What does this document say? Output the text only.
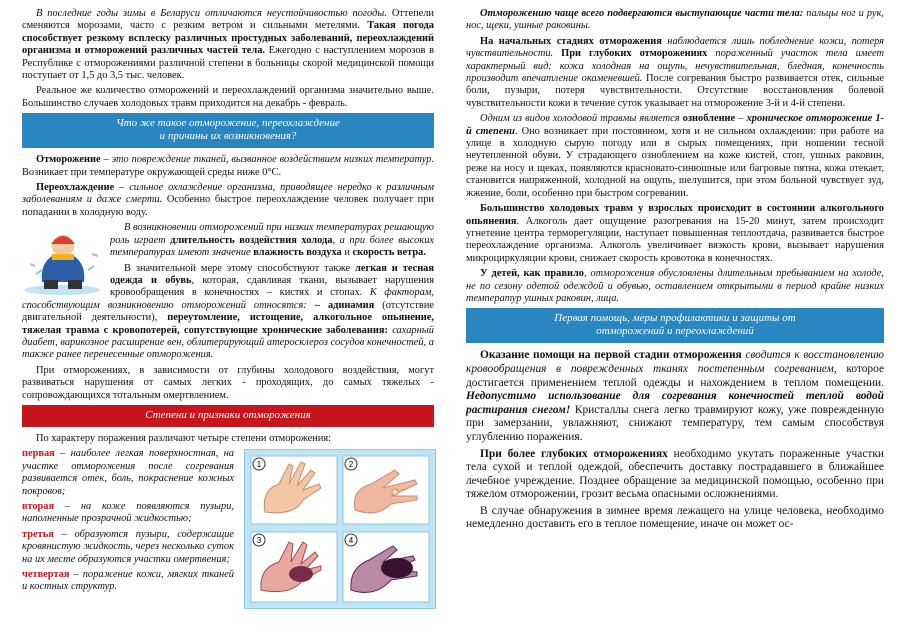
В последние годы зимы в Беларуси отличаются неустойчивостью погоды. Оттепели сменяются морозами, часто с резким ветром и сильными метелями. Такая погода способствует резкому всплеску различных простудных заболеваний, переохлаждений организма и отморожений различных частей тела. Ежегодно с наступлением морозов в Республике с отморожениями различной степени в больницы скорой медицинской помощи поступает от 1,5 до 3,5 тыс. человек.

Реальное же количество отморожений и переохлаждений организма значительно выше. Большинство случаев холодовых травм приходится на декабрь - февраль.

Что же такое отморожение, переохлаждение
и причины их возникновения?

Отморожение – это повреждение тканей, вызванное воздействием низких температур. Возникает при температуре окружающей среды ниже 0°С.

Переохлаждение – сильное охлаждение организма, приводящее нередко к различным заболеваниям и даже смерти. Особенно быстрое переохлаждение человек получает при попадании в холодную воду.

В возникновении отморожений при низких температурах решающую роль играет длительность воздействия холода, а при более высоких температурах имеют значение влажность воздуха и скорость ветра.

В значительной мере этому способствуют также легкая и тесная одежда и обувь, которая, сдавливая ткани, вызывает нарушения кровообращения в конечностях – кистях и стопах. К факторам, способствующим возникновению отморожений относятся: – адинамия (отсутствие двигательной деятельности), переутомление, истощение, алкогольное опьянение, тяжелая травма с кровопотерей, сопутствующие хронические заболевания: сахарный диабет, варикозное расширение вен, облитерирующий атеросклероз сосудов конечностей, а также ранее перенесенные отморожения.

При отморожениях, в зависимости от глубины холодового воздействия, могут развиваться нарушения от самых легких - проходящих, до самых тяжелых - сопровождающихся тотальным омертвлением.

Степени и признаки отморожения

По характеру поражения различают четыре степени отморожения:

первая – наиболее легкая поверхностная, на участке отморожения после согревания развивается отек, боль, покраснение кожных покровов;

вторая – на коже появляются пузыри, наполненные прозрачной жидкостью;

третья – образуются пузыри, содержащие кровянистую жидкость, через несколько суток на их месте образуются участки омертвения;

четвертая – поражение кожи, мягких тканей и костных структур.

1	2
3	4

Отморожению чаще всего подвергаются выступающие части тела: пальцы ног и рук, нос, щеки, ушные раковины.

На начальных стадиях отморожения наблюдается лишь побледнение кожи, потеря чувствительности. При глубоких отморожениях пораженный участок тела имеет характерный вид: кожа холодная на ощупь, нечувствительная, бледная, конечность производит впечатление окаменевшей. После согревания быстро развивается отек, сильные боли, пузыри, потеря чувствительности. Отсутствие восстановления болевой чувствительности кожи в течение суток указывает на отморожение 3-й и 4-й степени.

Одним из видов холодовой травмы является ознобление – хроническое отморожение 1-й степени. Оно возникает при постоянном, хотя и не сильном охлаждении: при работе на улице в холодную сырую погоду или в сырых помещениях, при ношении тесной неутепленной обуви. У страдающего ознoблением на коже кистей, стоп, ушных раковин, реже на носу и щеках, появляются красновато-синюшные или багровые пятна, кожа отекает, становится напряженной, холодной на ощупь, шелушится, при этом больной чувствует зуд, жжение, боли, особенно при быстром согревании.

Большинство холодовых травм у взрослых происходит в состоянии алкогольного опьянения. Алкоголь дает ощущение разогревания на 15-20 минут, затем происходит угнетение центра терморегуляции, наступает повышенная теплоотдача, развивается быстрое переохлаждение организма. Алкоголь увеличивает вязкость крови, вызывает нарушения микроциркуляции крови, снижает скорость кровотока в конечностях.

У детей, как правило, отморожения обусловлены длительным пребыванием на холоде, не по сезону одетой одеждой и обувью, оставлением открытыми в период крайне низких температур ушных раковин, лица.

Первая помощь, меры профилактики и защиты от
отморожений и переохлаждений

Оказание помощи на первой стадии отморожения сводится к восстановлению кровообращения в поврежденных тканях постепенным согреванием, которое достигается применением теплой одежды и нахождением в теплом помещении. Недопустимо использование для согревания конечностей теплой водой растирания снегом! Кристаллы снега легко травмируют кожу, уже поврежденную при замерзании, увлажняют, снижают температуру, тем самым способствуя углублению поражения.

При более глубоких отморожениях необходимо укутать пораженные участки тела сухой и теплой одеждой, обеспечить доставку пострадавшего в ближайшее лечебное учреждение. Позднее обращение за медицинской помощью, особенно при тяжелом отморожении, грозит весьма опасными осложнениями.

В случае обнаружения в зимнее время лежащего на улице человека, необходимо немедленно доставить его в теплое помещение, иначе он может ос-
